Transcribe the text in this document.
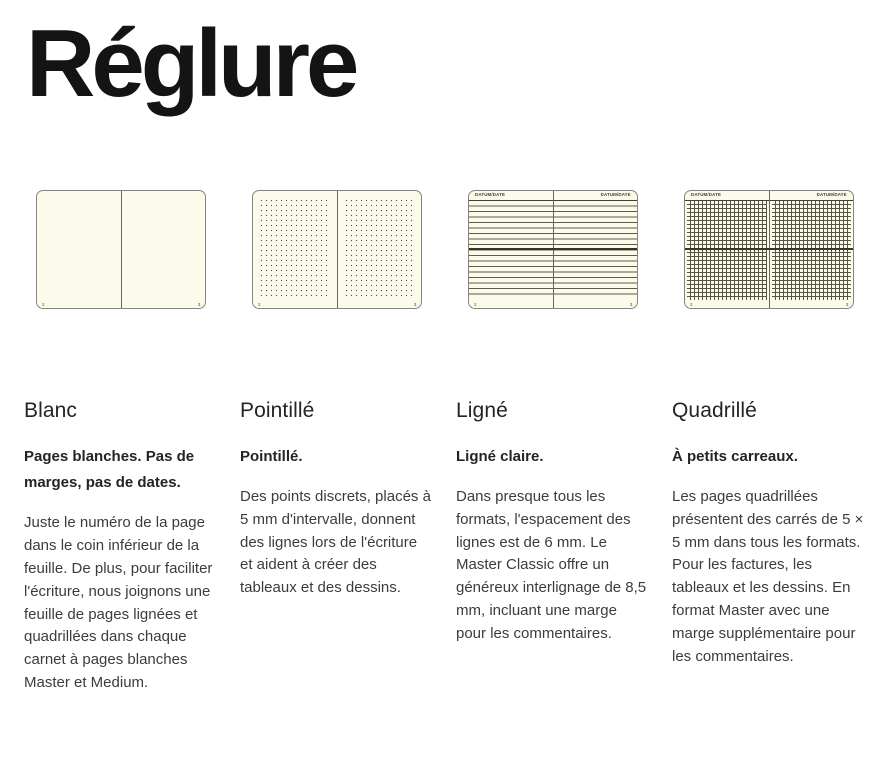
Réglure
2	3
Blanc

Pages blanches. Pas de marges, pas de dates.

Juste le numéro de la page dans le coin inférieur de la feuille. De plus, pour faciliter l'écriture, nous joignons une feuille de pages lignées et quadrillées dans chaque carnet à pages blanches Master et Medium.

2	3
Pointillé

Pointillé.

Des points discrets, placés à 5 mm d'intervalle, donnent des lignes lors de l'écriture et aident à créer des tableaux et des dessins.

DATUM/DATE
2
DATUM/DATE
3
Ligné

Ligné claire.

Dans presque tous les formats, l'espacement des lignes est de 6 mm. Le Master Classic offre un généreux interlignage de 8,5 mm, incluant une marge pour les commentaires.

DATUM/DATE
2
DATUM/DATE
3
Quadrillé

À petits carreaux.

Les pages quadrillées présentent des carrés de 5 × 5 mm dans tous les formats. Pour les factures, les tableaux et les dessins. En format Master avec une marge supplémentaire pour les commentaires.
